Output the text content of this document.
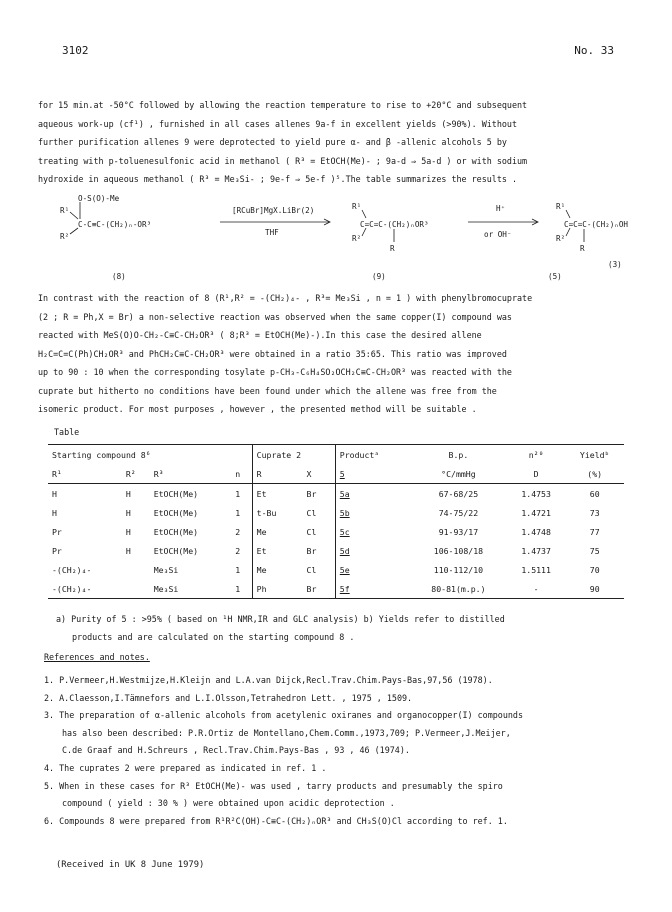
3102	No. 33

for 15 min.at -50°C followed by allowing the reaction temperature to rise to +20°C and subsequent
aqueous work-up (cf¹) , furnished in all cases allenes 9a-f in excellent yields (>90%). Without
further purification allenes 9 were deprotected to yield pure α- and β -allenic alcohols 5 by
treating with p-toluenesulfonic acid in methanol ( R³ = EtOCH(Me)- ; 9a-d ⇒ 5a-d ) or with sodium
hydroxide in aqueous methanol ( R³ = Me₃Si- ; 9e-f ⇒ 5e-f )⁵.The table summarizes the results .

O-S(O)-Me
R¹
R²
C-C≡C-(CH₂)ₙ-OR³
[RCuBr]MgX.LiBr(2)
THF
R¹
R²
C=C=C-(CH₂)ₙOR³
R
H⁺
or OH⁻
R¹
R²
C=C=C-(CH₂)ₙOH
R
(8)	(9)	(5)
(3)

In contrast with the reaction of 8 (R¹,R² = -(CH₂)₄- , R³= Me₃Si , n = 1 ) with phenylbromocuprate
(2 ; R = Ph,X = Br) a non-selective reaction was observed when the same copper(I) compound was
reacted with MeS(O)O-CH₂-C≡C-CH₂OR³ ( 8;R³ = EtOCH(Me)-).In this case the desired allene
H₂C=C=C(Ph)CH₂OR³ and PhCH₂C≡C-CH₂OR³ were obtained in a ratio 35:65. This ratio was improved
up to 90 : 10 when the corresponding tosylate p-CH₃-C₆H₄SO₂OCH₂C≡C-CH₂OR³ was reacted with the
cuprate but hitherto no conditions have been found under which the allene was free from the
isomeric product. For most purposes , however , the presented method will be suitable .

Table
Starting compound 8⁶				Cuprate 2		Productᵃ	B.p.	n²⁰	Yieldᵇ
R¹	R²	R³	n	R	X	5	°C/mmHg	D	(%)
H	H	EtOCH(Me)	1	Et	Br	5a	67-68/25	1.4753	60
H	H	EtOCH(Me)	1	t-Bu	Cl	5b	74-75/22	1.4721	73
Pr	H	EtOCH(Me)	2	Me	Cl	5c	91-93/17	1.4748	77
Pr	H	EtOCH(Me)	2	Et	Br	5d	106-108/18	1.4737	75
-(CH₂)₄-		Me₃Si	1	Me	Cl	5e	110-112/10	1.5111	70
-(CH₂)₄-		Me₃Si	1	Ph	Br	5f	80-81(m.p.)	-	90

a) Purity of 5 : >95% ( based on ¹H NMR,IR and GLC analysis) b) Yields refer to distilled
products and are calculated on the starting compound 8 .

References and notes.
1. P.Vermeer,H.Westmijze,H.Kleijn and L.A.van Dijck,Recl.Trav.Chim.Pays-Bas,97,56 (1978).
2. A.Claesson,I.Tämnefors and L.I.Olsson,Tetrahedron Lett. , 1975 , 1509.
3. The preparation of α-allenic alcohols from acetylenic oxiranes and organocopper(I) compounds
has also been described: P.R.Ortiz de Montellano,Chem.Comm.,1973,709; P.Vermeer,J.Meijer,
C.de Graaf and H.Schreurs , Recl.Trav.Chim.Pays-Bas , 93 , 46 (1974).
4. The cuprates 2 were prepared as indicated in ref. 1 .
5. When in these cases for R³ EtOCH(Me)- was used , tarry products and presumably the spiro
compound ( yield : 30 % ) were obtained upon acidic deprotection .
6. Compounds 8 were prepared from R¹R²C(OH)-C≡C-(CH₂)ₙOR³ and CH₃S(O)Cl according to ref. 1.
(Received in UK 8 June 1979)
